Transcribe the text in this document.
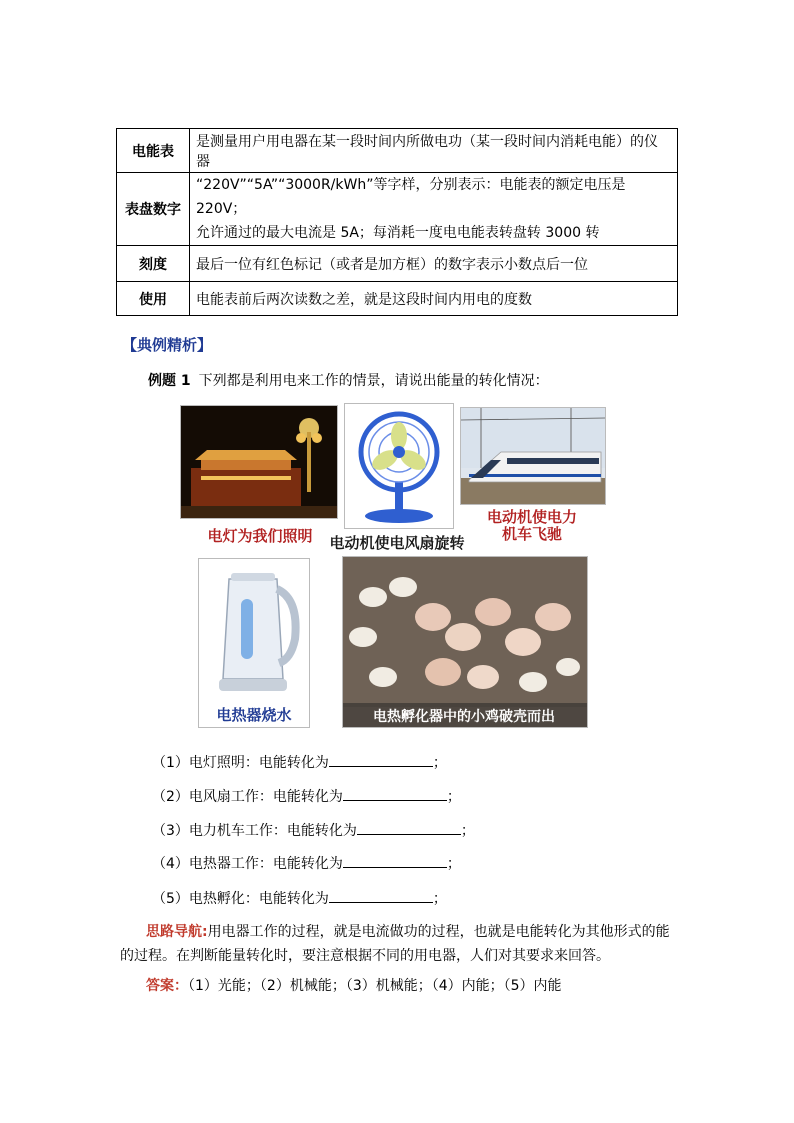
电能表	是测量用户用电器在某一段时间内所做电功（某一段时间内消耗电能）的仪器
表盘数字	“220V”“5A”“3000R/kWh”等字样，分别表示：电能表的额定电压是 220V；
允许通过的最大电流是 5A；每消耗一度电电能表转盘转 3000 转

刻度	最后一位有红色标记（或者是加方框）的数字表示小数点后一位
使用	电能表前后两次读数之差，就是这段时间内用电的度数
【典例精析】
例题 1 下列都是利用电来工作的情景，请说出能量的转化情况：
电灯为我们照明	电动机使电风扇旋转
电动机使电力
机车飞驰
电热器烧水	电热孵化器中的小鸡破壳而出
（1）电灯照明：电能转化为	；
（2）电风扇工作：电能转化为	；
（3）电力机车工作：电能转化为	；
（4）电热器工作：电能转化为	；
（5）电热孵化：电能转化为	；
思路导航:用电器工作的过程，就是电流做功的过程，也就是电能转化为其他形式的能
的过程。在判断能量转化时，要注意根据不同的用电器，人们对其要求来回答。
答案：（1）光能；（2）机械能；（3）机械能；（4）内能；（5）内能
